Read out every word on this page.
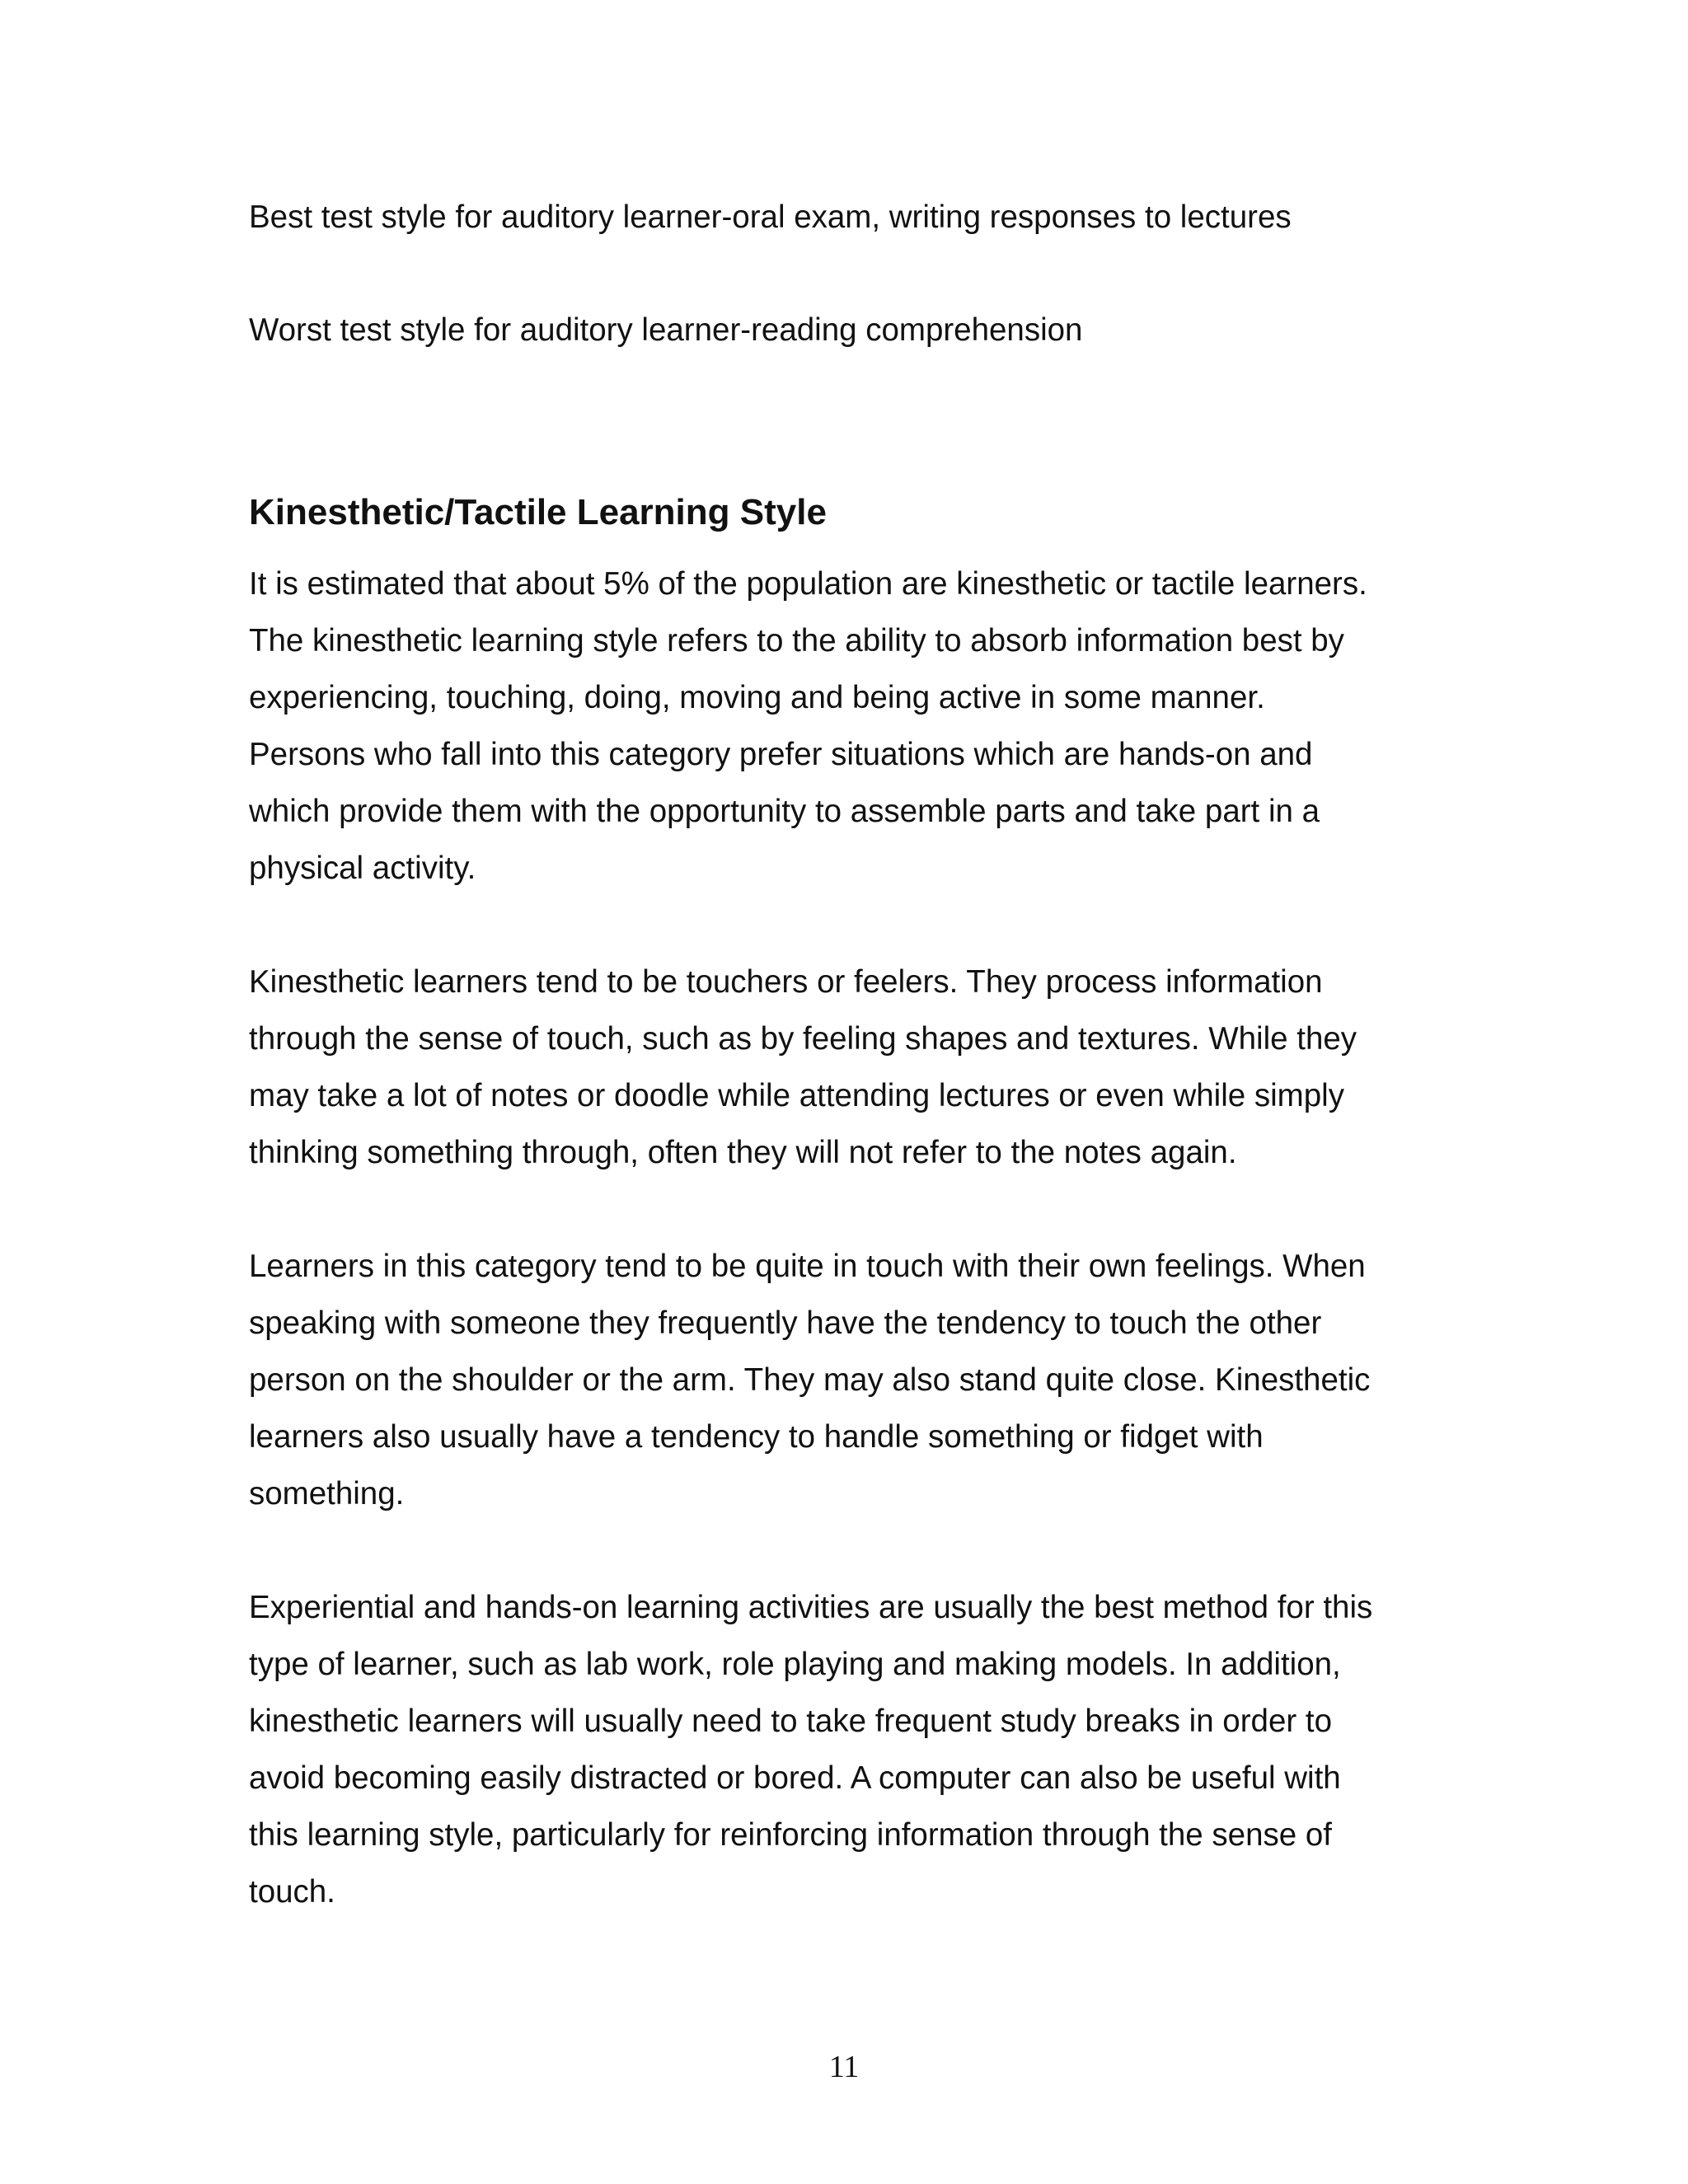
Best test style for auditory learner-oral exam, writing responses to lectures
Worst test style for auditory learner-reading comprehension
Kinesthetic/Tactile Learning Style
It is estimated that about 5% of the population are kinesthetic or tactile learners.
The kinesthetic learning style refers to the ability to absorb information best by
experiencing, touching, doing, moving and being active in some manner.
Persons who fall into this category prefer situations which are hands-on and
which provide them with the opportunity to assemble parts and take part in a
physical activity.
Kinesthetic learners tend to be touchers or feelers. They process information
through the sense of touch, such as by feeling shapes and textures. While they
may take a lot of notes or doodle while attending lectures or even while simply
thinking something through, often they will not refer to the notes again.
Learners in this category tend to be quite in touch with their own feelings. When
speaking with someone they frequently have the tendency to touch the other
person on the shoulder or the arm. They may also stand quite close. Kinesthetic
learners also usually have a tendency to handle something or fidget with
something.
Experiential and hands-on learning activities are usually the best method for this
type of learner, such as lab work, role playing and making models. In addition,
kinesthetic learners will usually need to take frequent study breaks in order to
avoid becoming easily distracted or bored. A computer can also be useful with
this learning style, particularly for reinforcing information through the sense of
touch.
11
